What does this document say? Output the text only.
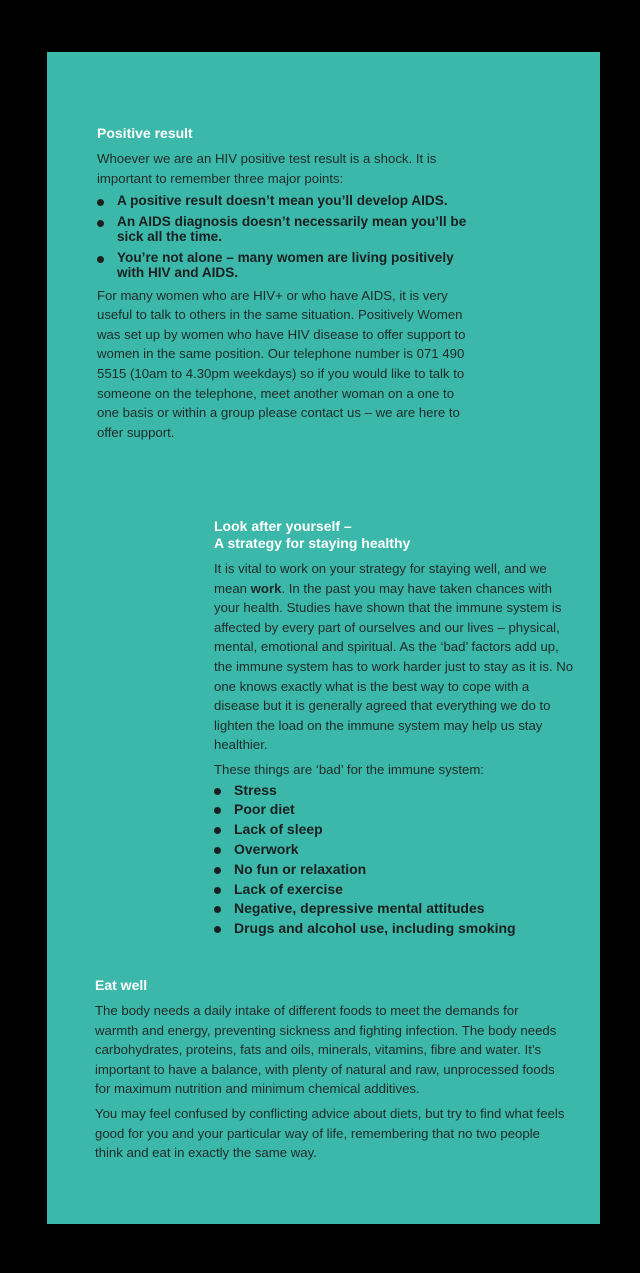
Positive result

Whoever we are an HIV positive test result is a shock. It is important to remember three major points:

A positive result doesn’t mean you’ll develop AIDS.
An AIDS diagnosis doesn’t necessarily mean you’ll be sick all the time.
You’re not alone – many women are living positively with HIV and AIDS.

For many women who are HIV+ or who have AIDS, it is very useful to talk to others in the same situation. Positively Women was set up by women who have HIV disease to offer support to women in the same position. Our telephone number is 071 490 5515 (10am to 4.30pm weekdays) so if you would like to talk to someone on the telephone, meet another woman on a one to one basis or within a group please contact us – we are here to offer support.

Look after yourself –
A strategy for staying healthy

It is vital to work on your strategy for staying well, and we mean work. In the past you may have taken chances with your health. Studies have shown that the immune system is affected by every part of ourselves and our lives – physical, mental, emotional and spiritual. As the ‘bad’ factors add up, the immune system has to work harder just to stay as it is. No one knows exactly what is the best way to cope with a disease but it is generally agreed that everything we do to lighten the load on the immune system may help us stay healthier.

These things are ‘bad’ for the immune system:

Stress
Poor diet
Lack of sleep
Overwork
No fun or relaxation
Lack of exercise
Negative, depressive mental attitudes
Drugs and alcohol use, including smoking
Eat well

The body needs a daily intake of different foods to meet the demands for warmth and energy, preventing sickness and fighting infection. The body needs carbohydrates, proteins, fats and oils, minerals, vitamins, fibre and water. It’s important to have a balance, with plenty of natural and raw, unprocessed foods for maximum nutrition and minimum chemical additives.

You may feel confused by conflicting advice about diets, but try to find what feels good for you and your particular way of life, remembering that no two people think and eat in exactly the same way.
